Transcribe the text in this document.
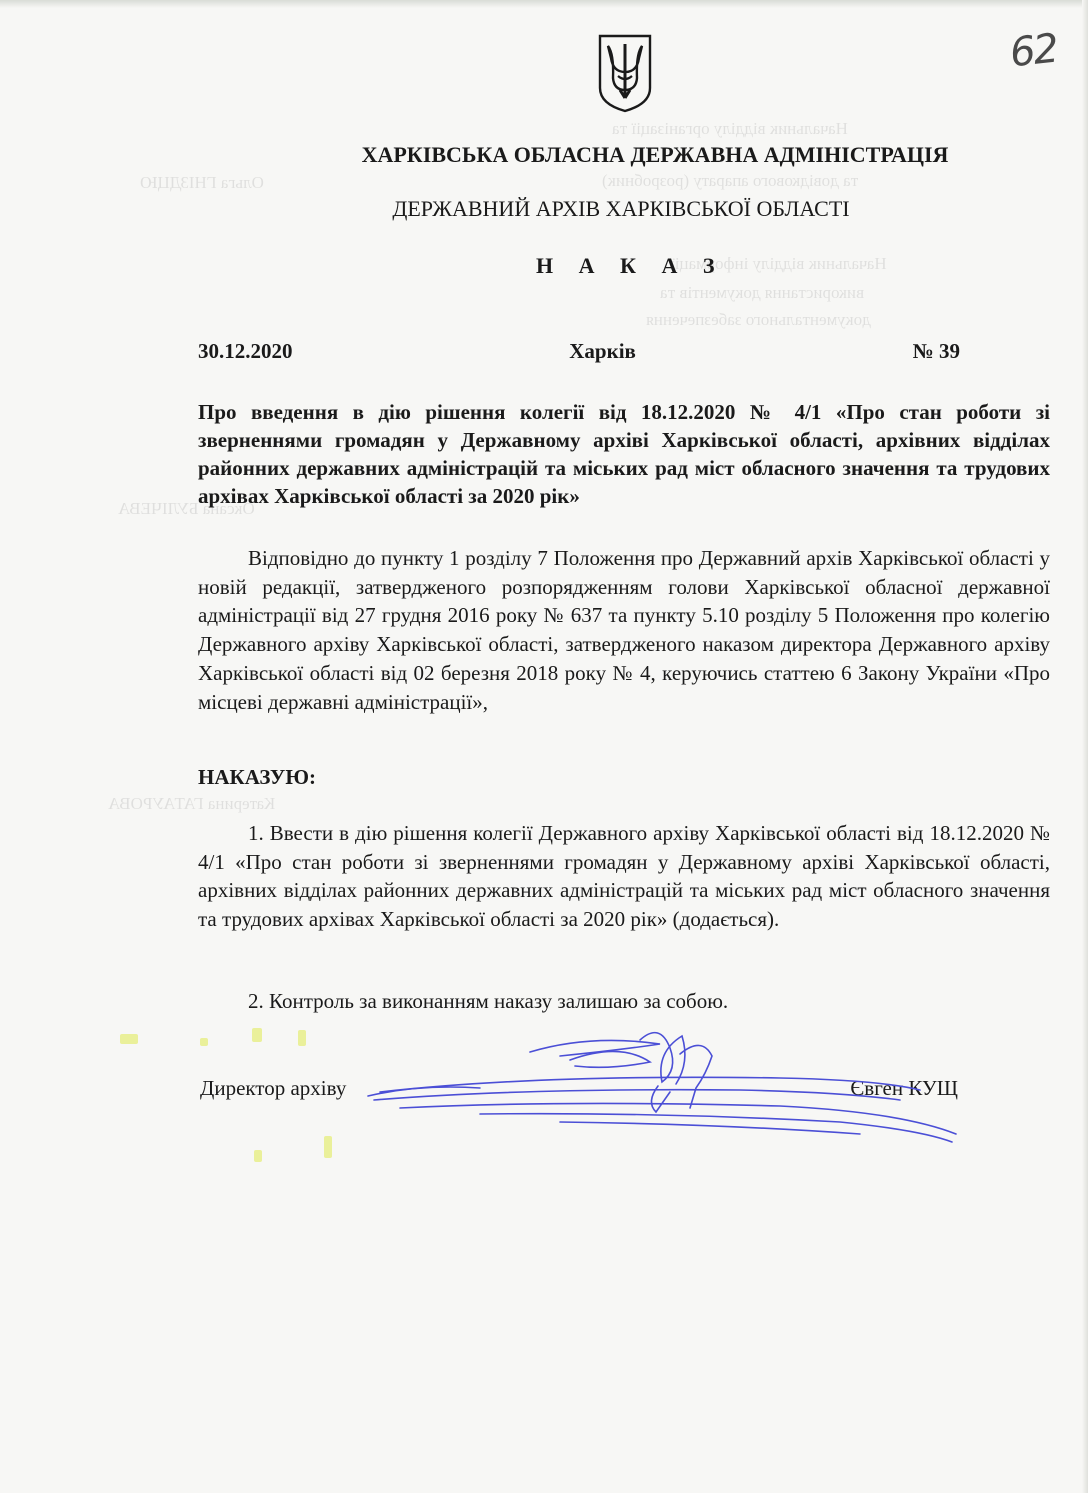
Начальник відділу організації та
та довідкового апарату (розробник)
Ольга ГНІЗДЦЮ
Начальник відділу інформації
використання документів та
документального забезпечення
Оксана БУЛІЧЕВА
Катерина ГАТАУРОВА
62
ХАРКІВСЬКА ОБЛАСНА ДЕРЖАВНА АДМІНІСТРАЦІЯ
ДЕРЖАВНИЙ АРХІВ ХАРКІВСЬКОЇ ОБЛАСТІ
Н А К А З
30.12.2020	Харків	№ 39

Про введення в дію рішення колегії від 18.12.2020 № 4/1 «Про стан роботи зі зверненнями громадян у Державному архіві Харківської області, архівних відділах районних державних адміністрацій та міських рад міст обласного значення та трудових архівах Харківської області за 2020 рік»

Відповідно до пункту 1 розділу 7 Положення про Державний архів Харківської області у новій редакції, затвердженого розпорядженням голови Харківської обласної державної адміністрації від 27 грудня 2016 року № 637 та пункту 5.10 розділу 5 Положення про колегію Державного архіву Харківської області, затвердженого наказом директора Державного архіву Харківської області від 02 березня 2018 року № 4, керуючись статтею 6 Закону України «Про місцеві державні адміністрації»,

НАКАЗУЮ:

1. Ввести в дію рішення колегії Державного архіву Харківської області від 18.12.2020 № 4/1 «Про стан роботи зі зверненнями громадян у Державному архіві Харківської області, архівних відділах районних державних адміністрацій та міських рад міст обласного значення та трудових архівах Харківської області за 2020 рік» (додається).

2. Контроль за виконанням наказу залишаю за собою.

Директор архіву	Євген КУЩ
